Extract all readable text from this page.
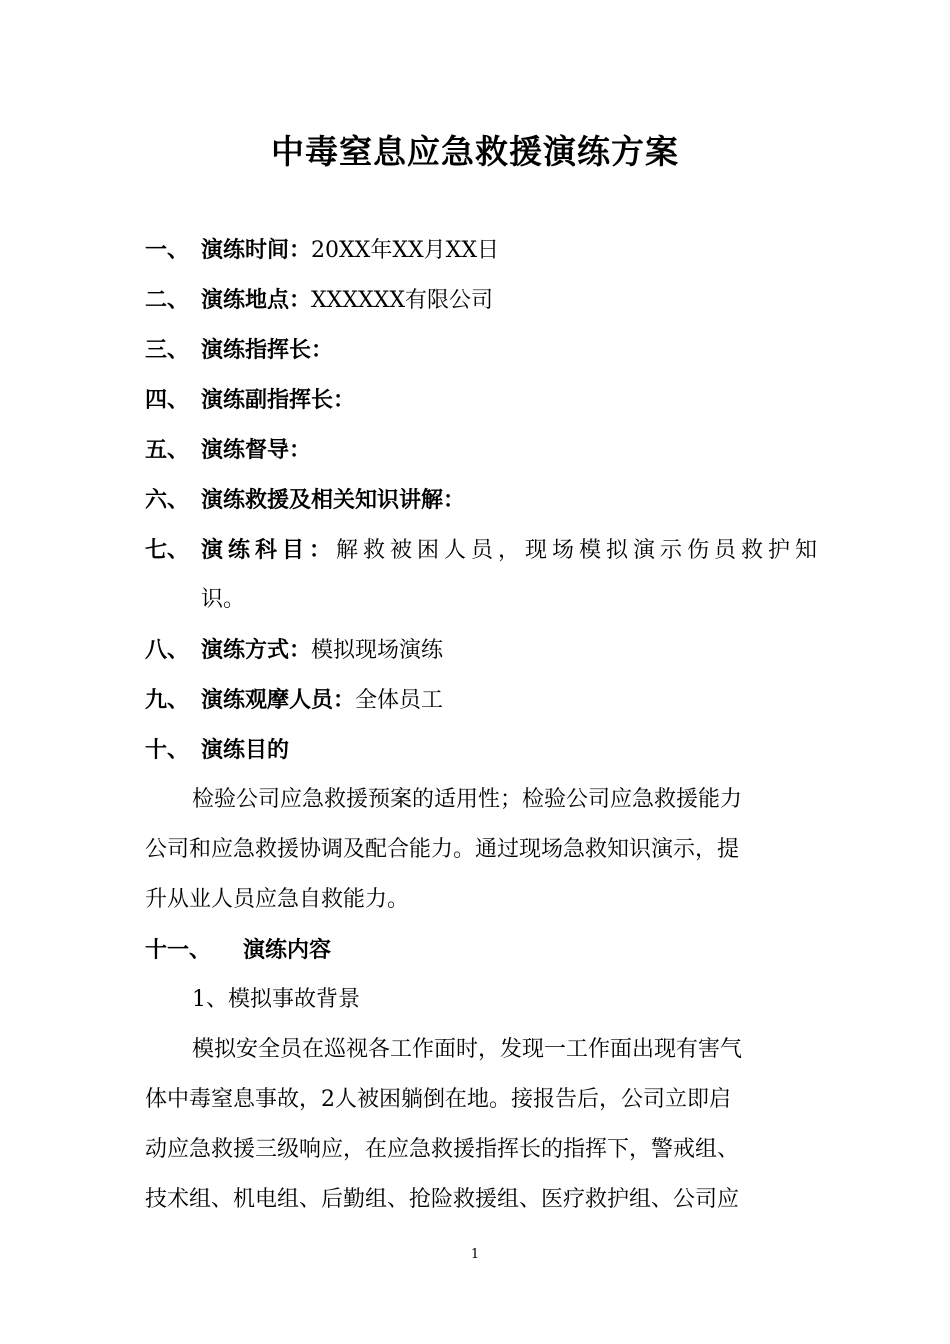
中毒窒息应急救援演练方案
一、 演练时间：20XX年XX月XX日
二、 演练地点：XXXXXX有限公司
三、 演练指挥长：
四、 演练副指挥长：
五、 演练督导：
六、 演练救援及相关知识讲解：
七、 演练科目：解救被困人员，现场模拟演示伤员救护知
识。
八、 演练方式：模拟现场演练
九、 演练观摩人员：全体员工
十、 演练目的
检验公司应急救援预案的适用性；检验公司应急救援能力
公司和应急救援协调及配合能力。通过现场急救知识演示，提
升从业人员应急自救能力。
十一、 演练内容
1、模拟事故背景
模拟安全员在巡视各工作面时，发现一工作面出现有害气
体中毒窒息事故，2人被困躺倒在地。接报告后，公司立即启
动应急救援三级响应，在应急救援指挥长的指挥下，警戒组、
技术组、机电组、后勤组、抢险救援组、医疗救护组、公司应
1
